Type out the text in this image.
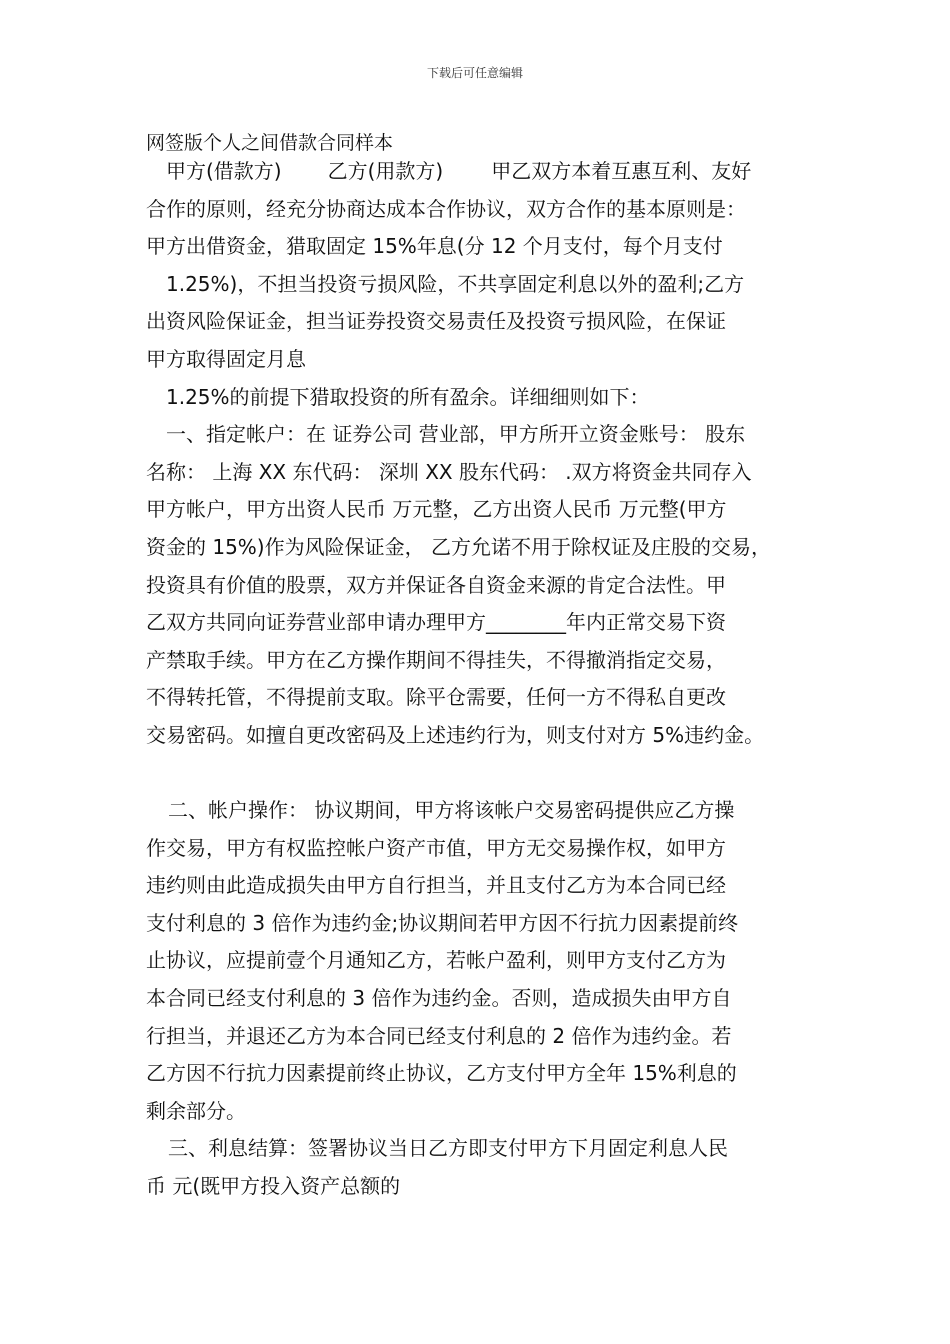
下载后可任意编辑
网签版个人之间借款合同样本
甲方(借款方) 乙方(用款方) 甲乙双方本着互惠互利、友好
合作的原则，经充分协商达成本合作协议，双方合作的基本原则是：
甲方出借资金，猎取固定 15%年息(分 12 个月支付，每个月支付
1.25%)，不担当投资亏损风险，不共享固定利息以外的盈利;乙方
出资风险保证金，担当证券投资交易责任及投资亏损风险，在保证
甲方取得固定月息
1.25%的前提下猎取投资的所有盈余。详细细则如下：
一、指定帐户：在 证券公司 营业部，甲方所开立资金账号： 股东
名称： 上海 XX 东代码： 深圳 XX 股东代码： .双方将资金共同存入
甲方帐户，甲方出资人民币 万元整，乙方出资人民币 万元整(甲方
资金的 15%)作为风险保证金， 乙方允诺不用于除权证及庄股的交易，
投资具有价值的股票，双方并保证各自资金来源的肯定合法性。甲
乙双方共同向证券营业部申请办理甲方________年内正常交易下资
产禁取手续。甲方在乙方操作期间不得挂失，不得撤消指定交易，
不得转托管，不得提前支取。除平仓需要，任何一方不得私自更改
交易密码。如擅自更改密码及上述违约行为，则支付对方 5%违约金。
二、帐户操作： 协议期间，甲方将该帐户交易密码提供应乙方操
作交易，甲方有权监控帐户资产市值，甲方无交易操作权，如甲方
违约则由此造成损失由甲方自行担当，并且支付乙方为本合同已经
支付利息的 3 倍作为违约金;协议期间若甲方因不行抗力因素提前终
止协议，应提前壹个月通知乙方，若帐户盈利，则甲方支付乙方为
本合同已经支付利息的 3 倍作为违约金。否则，造成损失由甲方自
行担当，并退还乙方为本合同已经支付利息的 2 倍作为违约金。若
乙方因不行抗力因素提前终止协议，乙方支付甲方全年 15%利息的
剩余部分。
三、利息结算：签署协议当日乙方即支付甲方下月固定利息人民
币 元(既甲方投入资产总额的
